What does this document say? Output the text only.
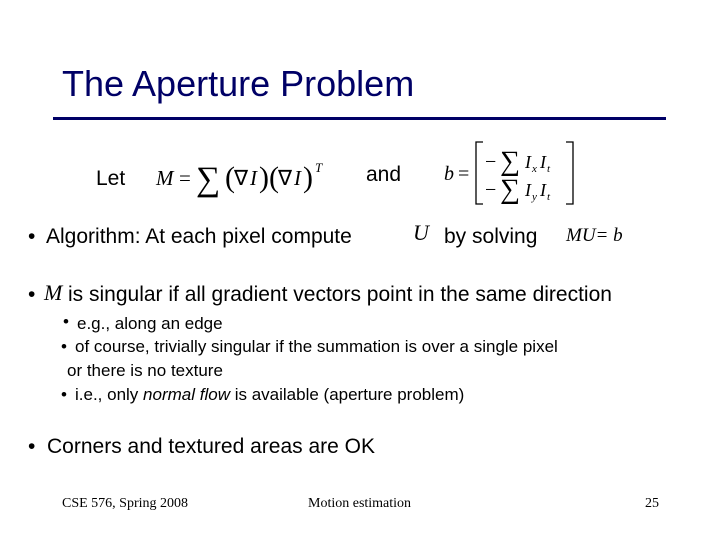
The Aperture Problem
Let M = ∑ ( ∇ I ) ( ∇ I ) T and b =
− ∑ I x I t
− ∑ I y I t
• Algorithm: At each pixel compute	U by solving MU= b
• M is singular if all gradient vectors point in the same direction
• e.g., along an edge
• of course, trivially singular if the summation is over a single pixel
or there is no texture
• i.e., only normal flow is available (aperture problem)
• Corners and textured areas are OK
CSE 576, Spring 2008	Motion estimation	25
